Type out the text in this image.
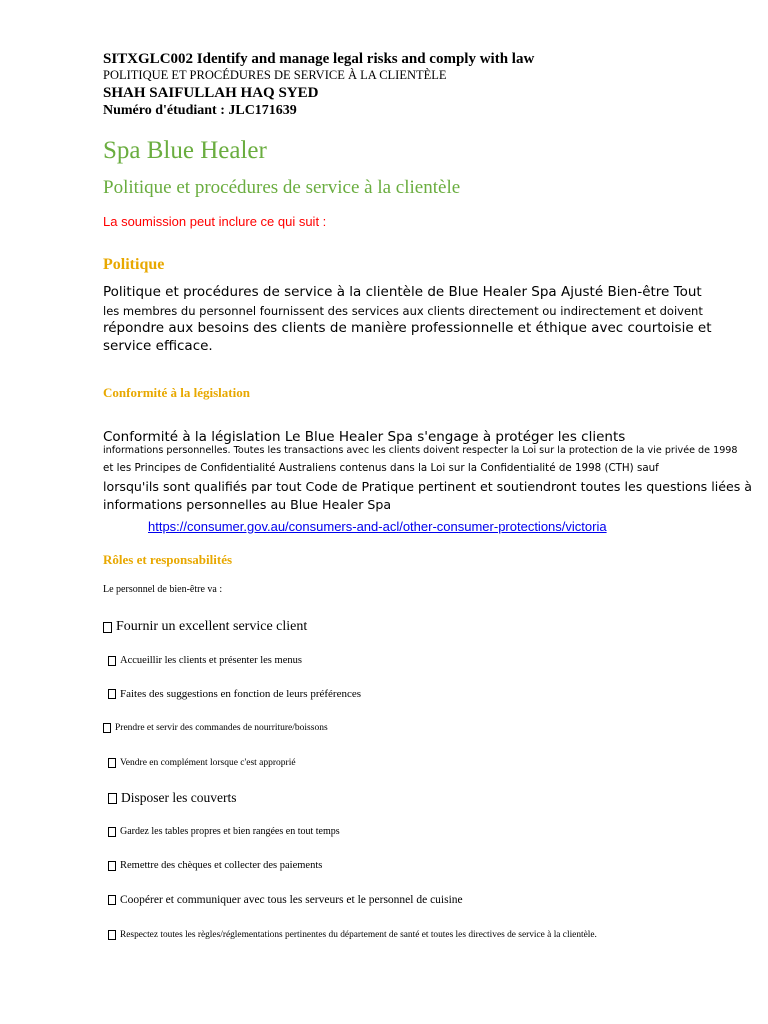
SITXGLC002 Identify and manage legal risks and comply with law
POLITIQUE ET PROCÉDURES DE SERVICE À LA CLIENTÈLE
SHAH SAIFULLAH HAQ SYED
Numéro d'étudiant : JLC171639
Spa Blue Healer
Politique et procédures de service à la clientèle
La soumission peut inclure ce qui suit :
Politique
Politique et procédures de service à la clientèle de Blue Healer Spa Ajusté Bien-être Tout
les membres du personnel fournissent des services aux clients directement ou indirectement et doivent
répondre aux besoins des clients de manière professionnelle et éthique avec courtoisie et
service efficace.
Conformité à la législation
Conformité à la législation Le Blue Healer Spa s'engage à protéger les clients
informations personnelles. Toutes les transactions avec les clients doivent respecter la Loi sur la protection de la vie privée de 1998
et les Principes de Confidentialité Australiens contenus dans la Loi sur la Confidentialité de 1998 (CTH) sauf
lorsqu'ils sont qualifiés par tout Code de Pratique pertinent et soutiendront toutes les questions liées à
informations personnelles au Blue Healer Spa
https://consumer.gov.au/consumers-and-acl/other-consumer-protections/victoria
Rôles et responsabilités
Le personnel de bien-être va :
Fournir un excellent service client
Accueillir les clients et présenter les menus
Faites des suggestions en fonction de leurs préférences
Prendre et servir des commandes de nourriture/boissons
Vendre en complément lorsque c'est approprié
Disposer les couverts
Gardez les tables propres et bien rangées en tout temps
Remettre des chèques et collecter des paiements
Coopérer et communiquer avec tous les serveurs et le personnel de cuisine
Respectez toutes les règles/réglementations pertinentes du département de santé et toutes les directives de service à la clientèle.
